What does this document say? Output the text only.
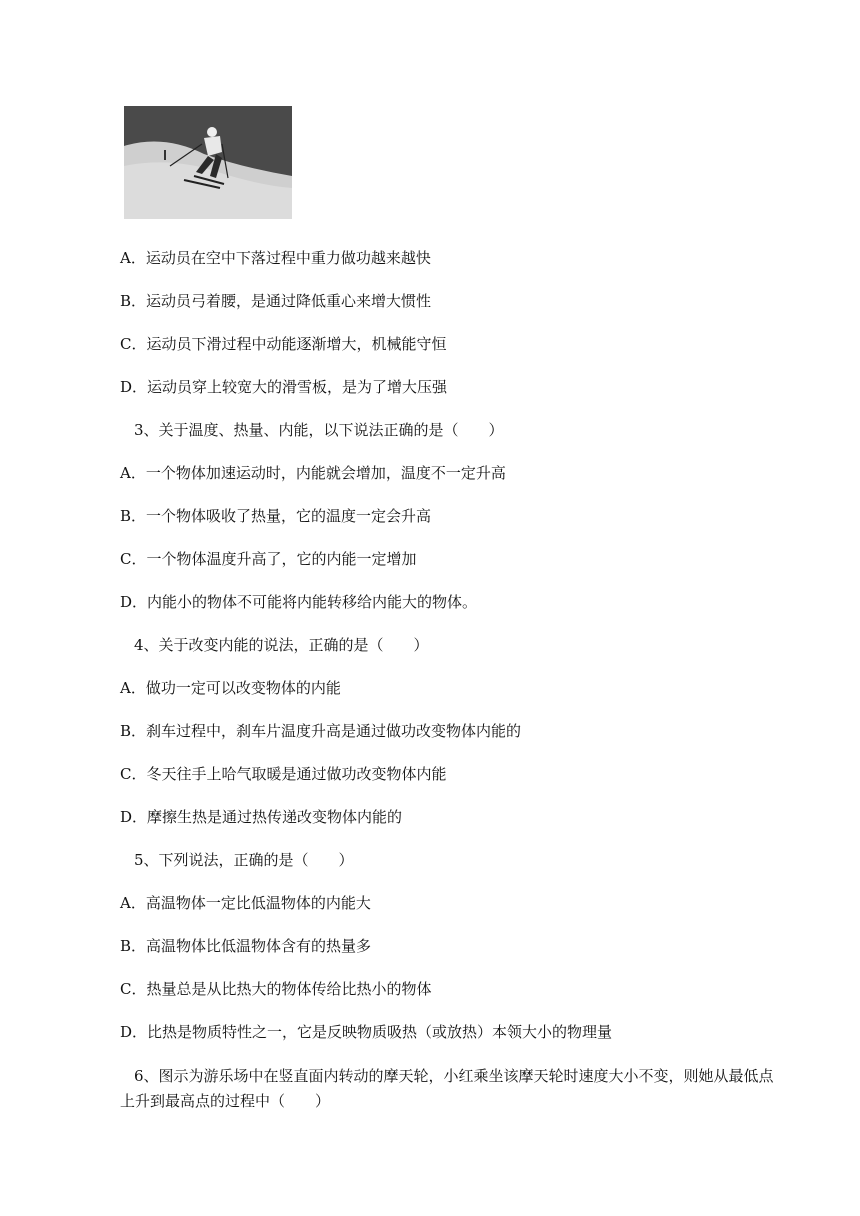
A．运动员在空中下落过程中重力做功越来越快
B．运动员弓着腰，是通过降低重心来增大惯性
C．运动员下滑过程中动能逐渐增大，机械能守恒
D．运动员穿上较宽大的滑雪板，是为了增大压强
3、关于温度、热量、内能，以下说法正确的是（　　）
A．一个物体加速运动时，内能就会增加，温度不一定升高
B．一个物体吸收了热量，它的温度一定会升高
C．一个物体温度升高了，它的内能一定增加
D．内能小的物体不可能将内能转移给内能大的物体。
4、关于改变内能的说法，正确的是（　　）
A．做功一定可以改变物体的内能
B．刹车过程中，刹车片温度升高是通过做功改变物体内能的
C．冬天往手上哈气取暖是通过做功改变物体内能
D．摩擦生热是通过热传递改变物体内能的
5、下列说法，正确的是（　　）
A．高温物体一定比低温物体的内能大
B．高温物体比低温物体含有的热量多
C．热量总是从比热大的物体传给比热小的物体
D．比热是物质特性之一，它是反映物质吸热（或放热）本领大小的物理量
6、图示为游乐场中在竖直面内转动的摩天轮，小红乘坐该摩天轮时速度大小不变，则她从最低点
上升到最高点的过程中（　　）
